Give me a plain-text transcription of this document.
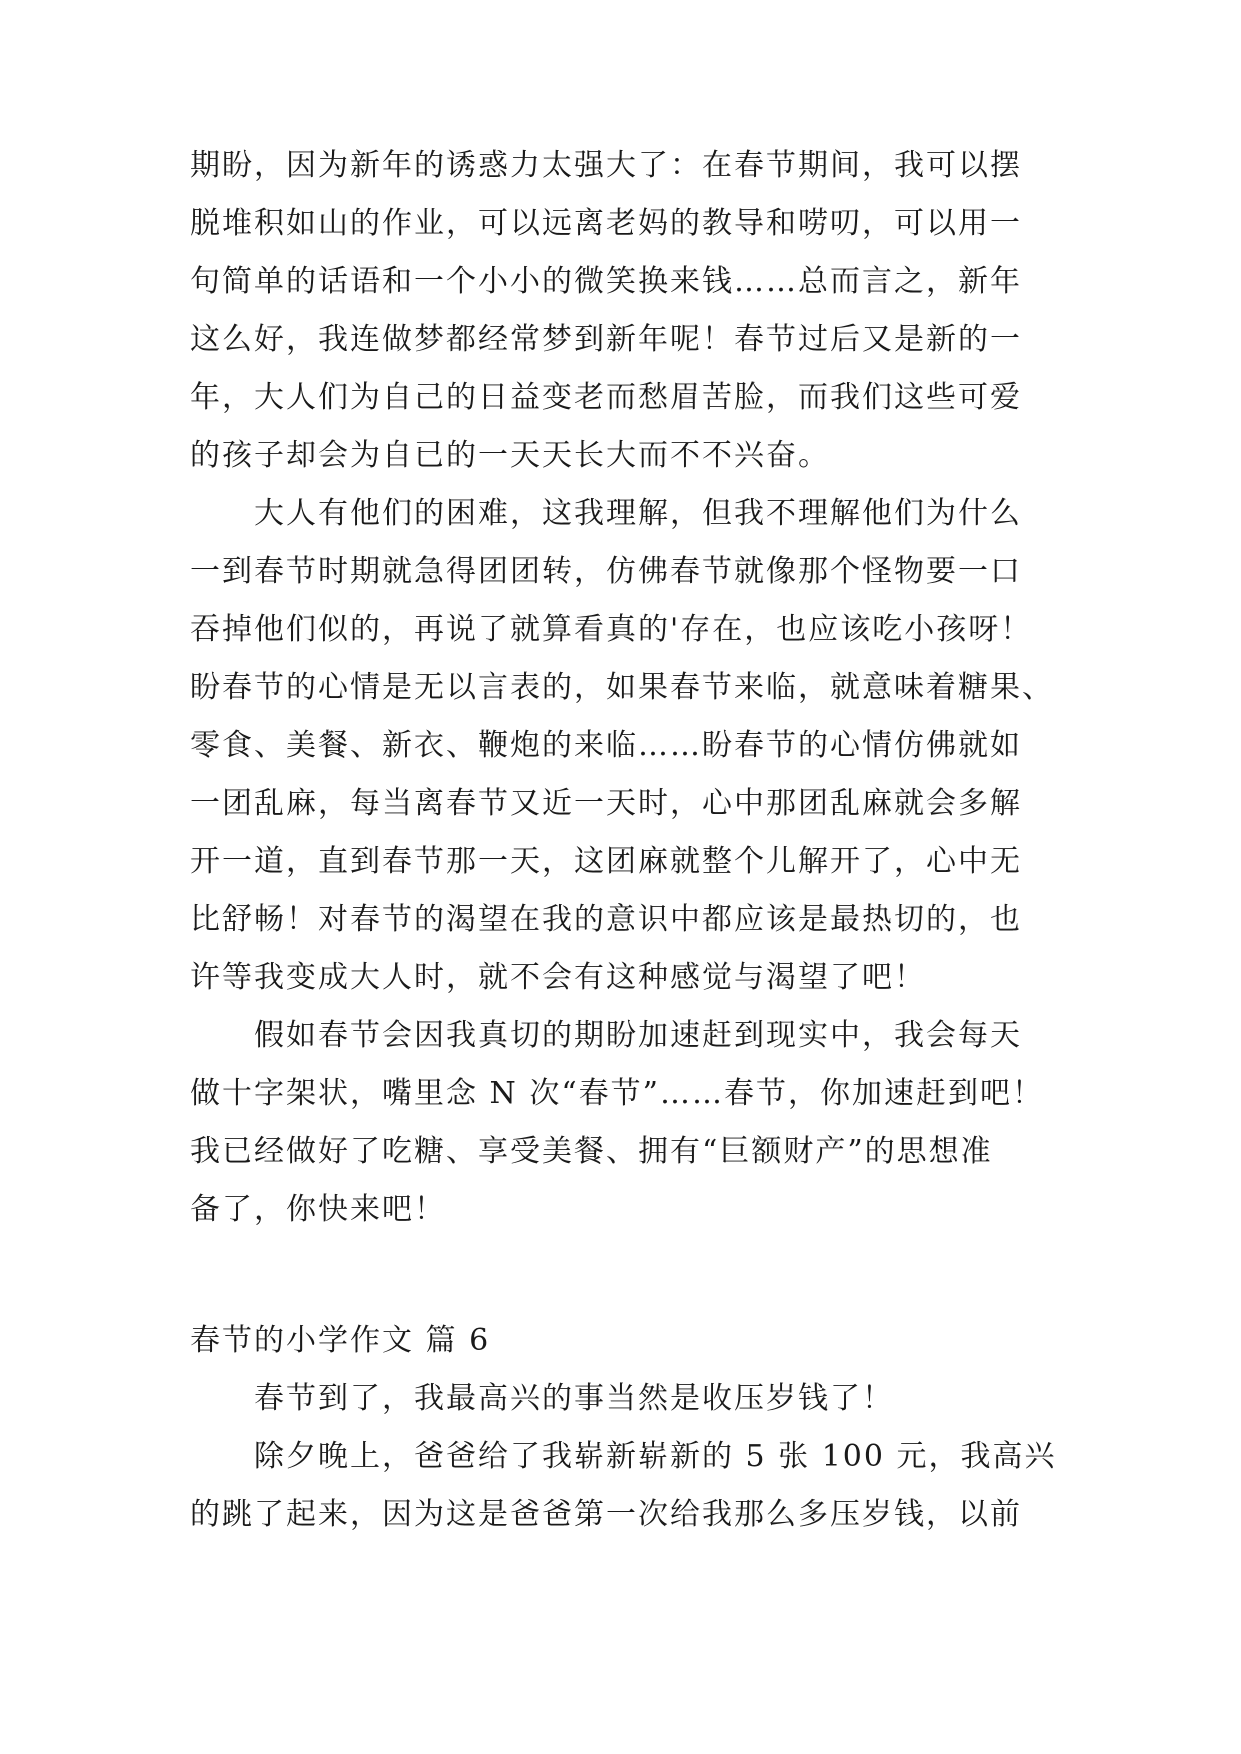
期盼，因为新年的诱惑力太强大了：在春节期间，我可以摆
脱堆积如山的作业，可以远离老妈的教导和唠叨，可以用一
句简单的话语和一个小小的微笑换来钱……总而言之，新年
这么好，我连做梦都经常梦到新年呢！春节过后又是新的一
年，大人们为自己的日益变老而愁眉苦脸，而我们这些可爱
的孩子却会为自已的一天天长大而不不兴奋。
大人有他们的困难，这我理解，但我不理解他们为什么
一到春节时期就急得团团转，仿佛春节就像那个怪物要一口
吞掉他们似的，再说了就算看真的'存在，也应该吃小孩呀！
盼春节的心情是无以言表的，如果春节来临，就意味着糖果、
零食、美餐、新衣、鞭炮的来临……盼春节的心情仿佛就如
一团乱麻，每当离春节又近一天时，心中那团乱麻就会多解
开一道，直到春节那一天，这团麻就整个儿解开了，心中无
比舒畅！对春节的渴望在我的意识中都应该是最热切的，也
许等我变成大人时，就不会有这种感觉与渴望了吧！
假如春节会因我真切的期盼加速赶到现实中，我会每天
做十字架状，嘴里念 N 次“春节”……春节，你加速赶到吧！
我已经做好了吃糖、享受美餐、拥有“巨额财产”的思想准
备了，你快来吧！
春节的小学作文 篇 6
春节到了，我最高兴的事当然是收压岁钱了！
除夕晚上，爸爸给了我崭新崭新的 5 张 100 元，我高兴
的跳了起来，因为这是爸爸第一次给我那么多压岁钱，以前
